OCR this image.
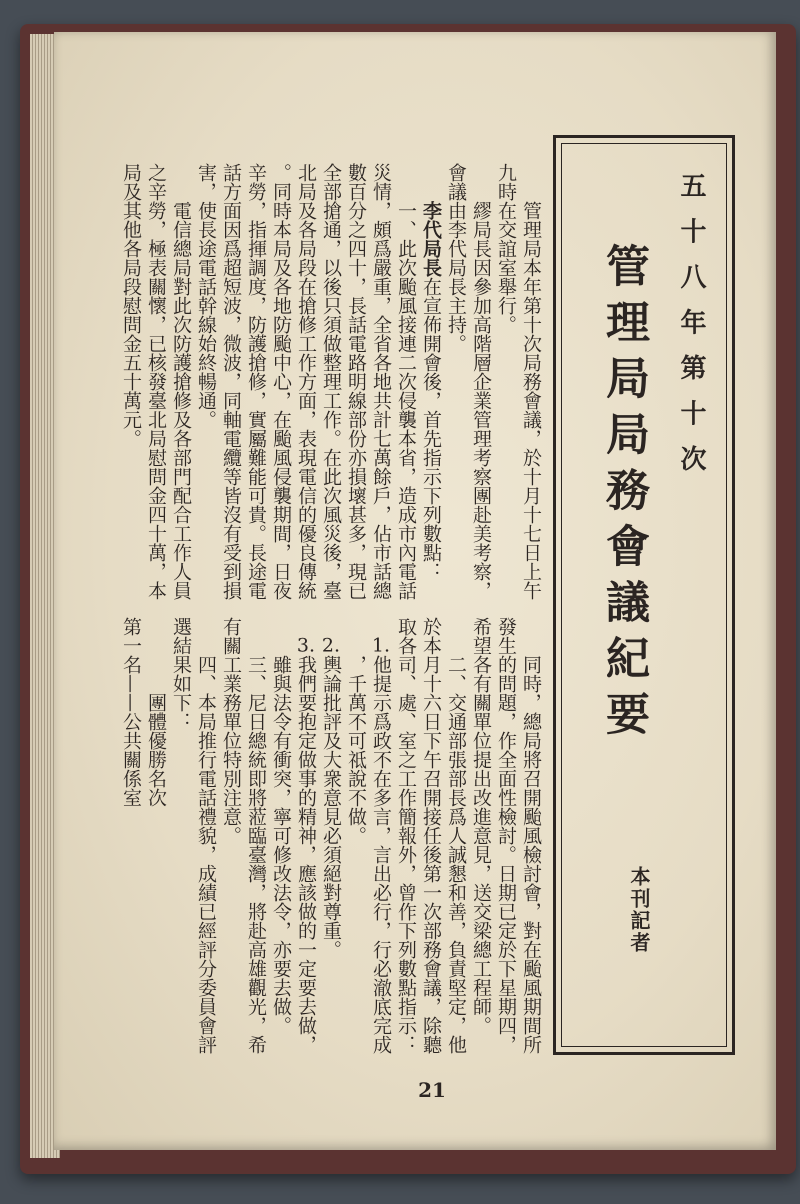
五十八年第十次
管理局局務會議紀要
本刊記者
管理局本年第十次局務會議，於十月十七日上午
九時在交誼室舉行。
繆局長因參加高階層企業管理考察團赴美考察，
會議由李代局長主持。
李代局長在宣佈開會後，首先指示下列數點：
一、此次颱風接連二次侵襲本省，造成市內電話
災情，頗爲嚴重，全省各地共計七萬餘戶，佔市話總
數百分之四十，長話電路明線部份亦損壞甚多，現已
全部搶通，以後只須做整理工作。在此次風災後，臺
北局及各局段在搶修工作方面，表現電信的優良傳統
。同時本局及各地防颱中心，在颱風侵襲期間，日夜
辛勞，指揮調度，防護搶修，實屬難能可貴。長途電
話方面因爲超短波，微波，同軸電纜等皆沒有受到損
害，使長途電話幹線始終暢通。
電信總局對此次防護搶修及各部門配合工作人員
之辛勞，極表關懷，已核發臺北局慰問金四十萬，本
局及其他各局段慰問金五十萬元。
同時，總局將召開颱風檢討會，對在颱風期間所
發生的問題，作全面性檢討。日期已定於下星期四，
希望各有關單位提出改進意見，送交梁總工程師。
二、交通部張部長爲人誠懇和善，負責堅定，他
於本月十六日下午召開接任後第一次部務會議，除聽
取各司、處、室之工作簡報外，曾作下列數點指示：
1.他提示爲政不在多言，言出必行，行必澈底完成
，千萬不可祗說不做。
2.輿論批評及大衆意見必須絕對尊重。
3.我們要抱定做事的精神，應該做的一定要去做，
雖與法令有衝突，寧可修改法令，亦要去做。
三、尼日總統即將蒞臨臺灣，將赴高雄觀光，希
有關工業務單位特別注意。
四、本局推行電話禮貌，成績已經評分委員會評
選結果如下：
團體優勝名次
第一名——公共關係室
21
